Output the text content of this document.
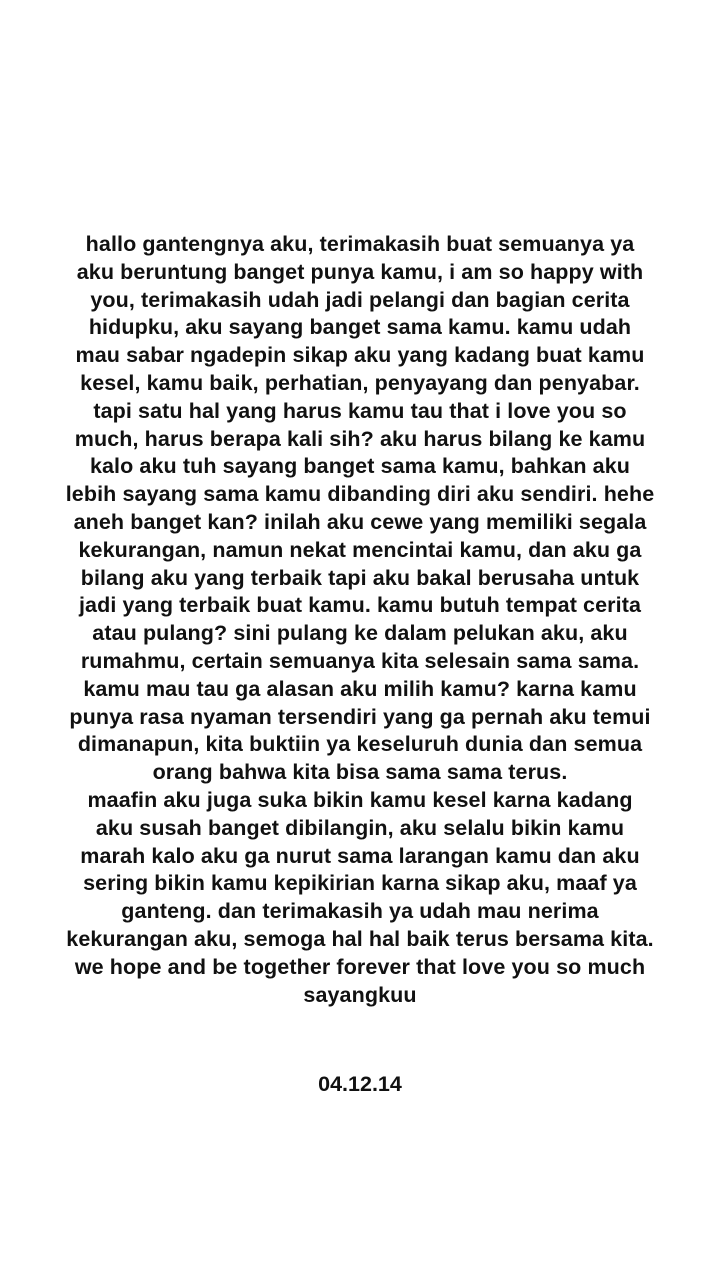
hallo gantengnya aku, terimakasih buat semuanya ya
aku beruntung banget punya kamu, i am so happy with
you, terimakasih udah jadi pelangi dan bagian cerita
hidupku, aku sayang banget sama kamu. kamu udah
mau sabar ngadepin sikap aku yang kadang buat kamu
kesel, kamu baik, perhatian, penyayang dan penyabar.
tapi satu hal yang harus kamu tau that i love you so
much, harus berapa kali sih? aku harus bilang ke kamu
kalo aku tuh sayang banget sama kamu, bahkan aku
lebih sayang sama kamu dibanding diri aku sendiri. hehe
aneh banget kan? inilah aku cewe yang memiliki segala
kekurangan, namun nekat mencintai kamu, dan aku ga
bilang aku yang terbaik tapi aku bakal berusaha untuk
jadi yang terbaik buat kamu. kamu butuh tempat cerita
atau pulang? sini pulang ke dalam pelukan aku, aku
rumahmu, certain semuanya kita selesain sama sama.
kamu mau tau ga alasan aku milih kamu? karna kamu
punya rasa nyaman tersendiri yang ga pernah aku temui
dimanapun, kita buktiin ya keseluruh dunia dan semua
orang bahwa kita bisa sama sama terus.
maafin aku juga suka bikin kamu kesel karna kadang
aku susah banget dibilangin, aku selalu bikin kamu
marah kalo aku ga nurut sama larangan kamu dan aku
sering bikin kamu kepikirian karna sikap aku, maaf ya
ganteng. dan terimakasih ya udah mau nerima
kekurangan aku, semoga hal hal baik terus bersama kita.
we hope and be together forever that love you so much
sayangkuu
04.12.14
